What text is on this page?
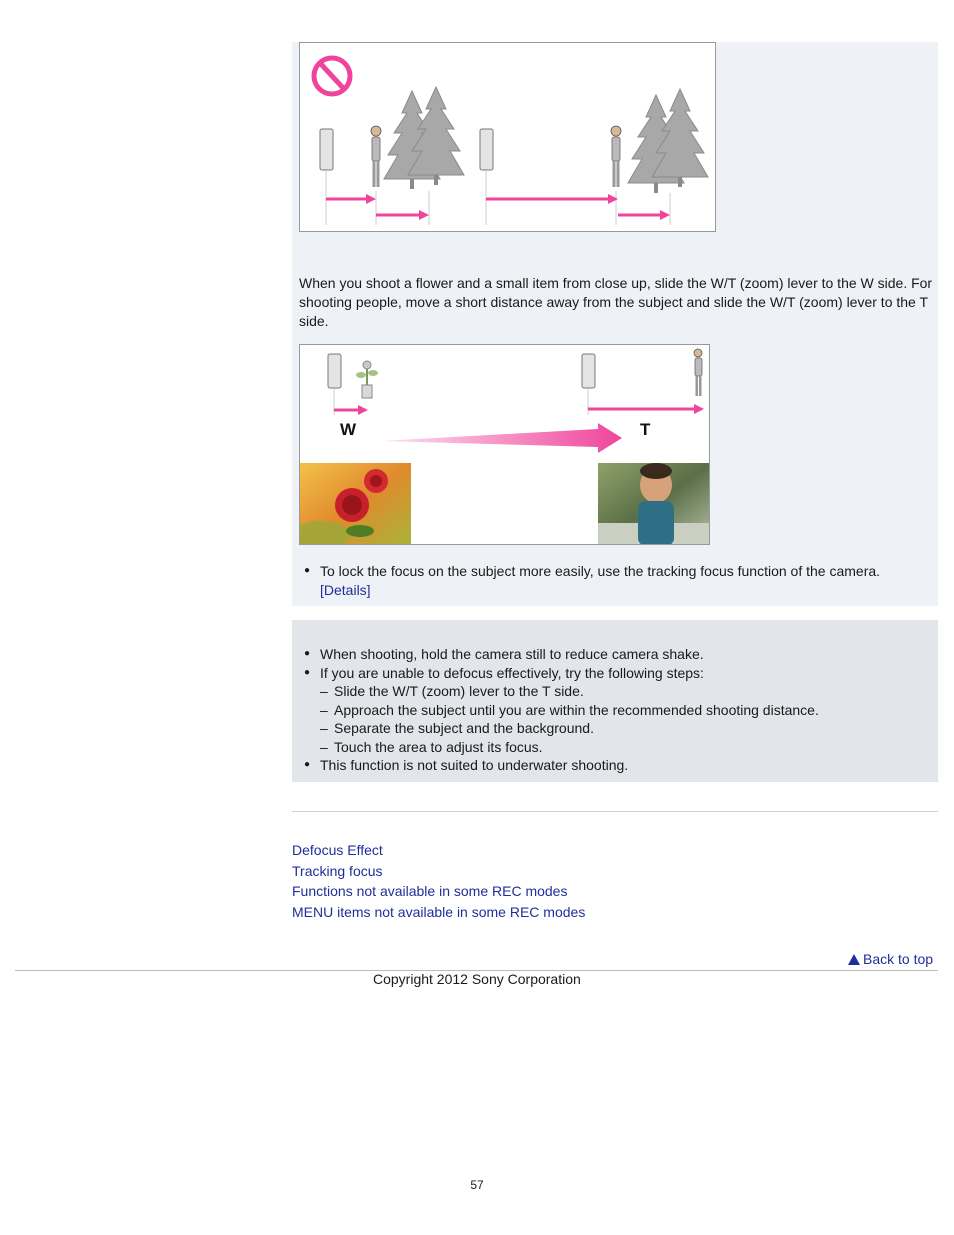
When you shoot a flower and a small item from close up, slide the W/T (zoom) lever to the W side. For shooting people, move a short distance away from the subject and slide the W/T (zoom) lever to the T side.
W	T
● To lock the focus on the subject more easily, use the tracking focus function of the camera.
[Details]
● When shooting, hold the camera still to reduce camera shake.
● If you are unable to defocus effectively, try the following steps:
– Slide the W/T (zoom) lever to the T side.
– Approach the subject until you are within the recommended shooting distance.
– Separate the subject and the background.
– Touch the area to adjust its focus.
● This function is not suited to underwater shooting.
Defocus Effect
Tracking focus
Functions not available in some REC modes
MENU items not available in some REC modes
Back to top
Copyright 2012 Sony Corporation
57
